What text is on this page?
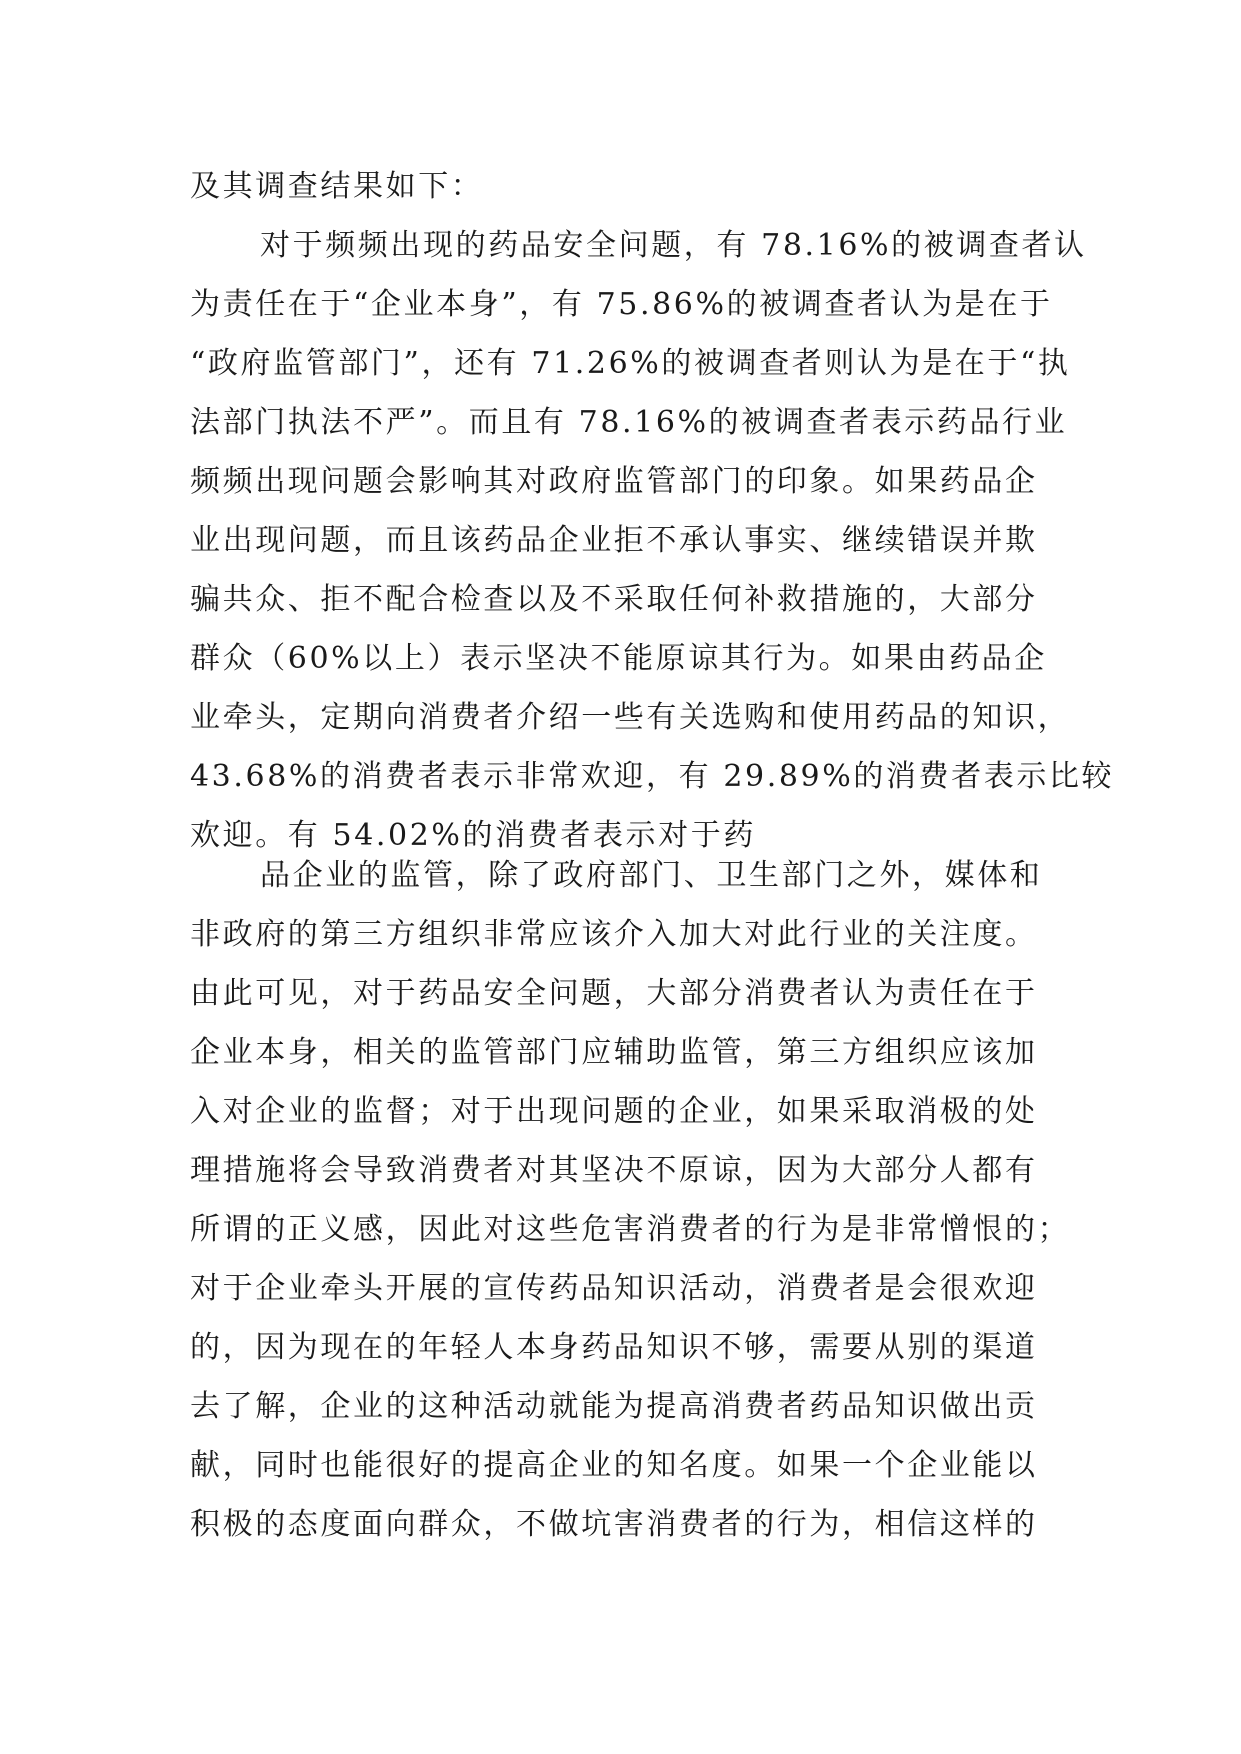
及其调查结果如下：
对于频频出现的药品安全问题，有 78.16%的被调查者认
为责任在于“企业本身”，有 75.86%的被调查者认为是在于
“政府监管部门”，还有 71.26%的被调查者则认为是在于“执
法部门执法不严”。而且有 78.16%的被调查者表示药品行业
频频出现问题会影响其对政府监管部门的印象。如果药品企
业出现问题，而且该药品企业拒不承认事实、继续错误并欺
骗共众、拒不配合检查以及不采取任何补救措施的，大部分
群众（60%以上）表示坚决不能原谅其行为。如果由药品企
业牵头，定期向消费者介绍一些有关选购和使用药品的知识，
43.68%的消费者表示非常欢迎，有 29.89%的消费者表示比较
欢迎。有 54.02%的消费者表示对于药
品企业的监管，除了政府部门、卫生部门之外，媒体和
非政府的第三方组织非常应该介入加大对此行业的关注度。
由此可见，对于药品安全问题，大部分消费者认为责任在于
企业本身，相关的监管部门应辅助监管，第三方组织应该加
入对企业的监督；对于出现问题的企业，如果采取消极的处
理措施将会导致消费者对其坚决不原谅，因为大部分人都有
所谓的正义感，因此对这些危害消费者的行为是非常憎恨的；
对于企业牵头开展的宣传药品知识活动，消费者是会很欢迎
的，因为现在的年轻人本身药品知识不够，需要从别的渠道
去了解，企业的这种活动就能为提高消费者药品知识做出贡
献，同时也能很好的提高企业的知名度。如果一个企业能以
积极的态度面向群众，不做坑害消费者的行为，相信这样的
